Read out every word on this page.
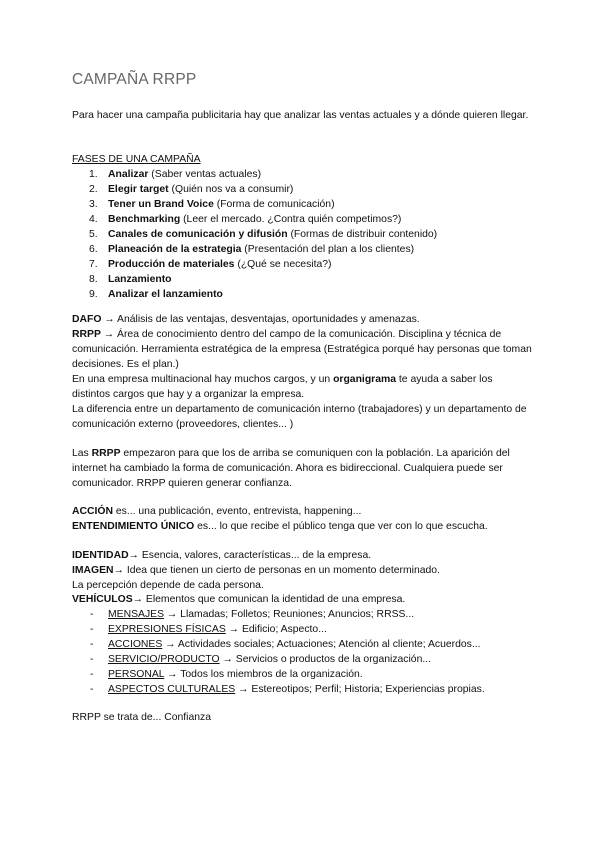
CAMPAÑA RRPP
Para hacer una campaña publicitaria hay que analizar las ventas actuales y a dónde quieren llegar.
FASES DE UNA CAMPAÑA
1. Analizar (Saber ventas actuales)
2. Elegir target (Quién nos va a consumir)
3. Tener un Brand Voice (Forma de comunicación)
4. Benchmarking (Leer el mercado. ¿Contra quién competimos?)
5. Canales de comunicación y difusión (Formas de distribuir contenido)
6. Planeación de la estrategia (Presentación del plan a los clientes)
7. Producción de materiales (¿Qué se necesita?)
8. Lanzamiento
9. Analizar el lanzamiento
DAFO → Análisis de las ventajas, desventajas, oportunidades y amenazas.
RRPP → Área de conocimiento dentro del campo de la comunicación. Disciplina y técnica de comunicación. Herramienta estratégica de la empresa (Estratégica porqué hay personas que toman decisiones. Es el plan.)
En una empresa multinacional hay muchos cargos, y un organigrama te ayuda a saber los distintos cargos que hay y a organizar la empresa.
La diferencia entre un departamento de comunicación interno (trabajadores) y un departamento de comunicación externo (proveedores, clientes... )
Las RRPP empezaron para que los de arriba se comuniquen con la población. La aparición del internet ha cambiado la forma de comunicación. Ahora es bidireccional. Cualquiera puede ser comunicador. RRPP quieren generar confianza.
ACCIÓN es... una publicación, evento, entrevista, happening...
ENTENDIMIENTO ÚNICO es... lo que recibe el público tenga que ver con lo que escucha.
IDENTIDAD→ Esencia, valores, características... de la empresa.
IMAGEN→ Idea que tienen un cierto de personas en un momento determinado.
La percepción depende de cada persona.
VEHÍCULOS→ Elementos que comunican la identidad de una empresa.
- MENSAJES → Llamadas; Folletos; Reuniones; Anuncios; RRSS...
- EXPRESIONES FÍSICAS → Edificio; Aspecto...
- ACCIONES → Actividades sociales; Actuaciones; Atención al cliente; Acuerdos...
- SERVICIO/PRODUCTO → Servicios o productos de la organización...
- PERSONAL → Todos los miembros de la organización.
- ASPECTOS CULTURALES → Estereotipos; Perfil; Historia; Experiencias propias.
RRPP se trata de... Confianza
